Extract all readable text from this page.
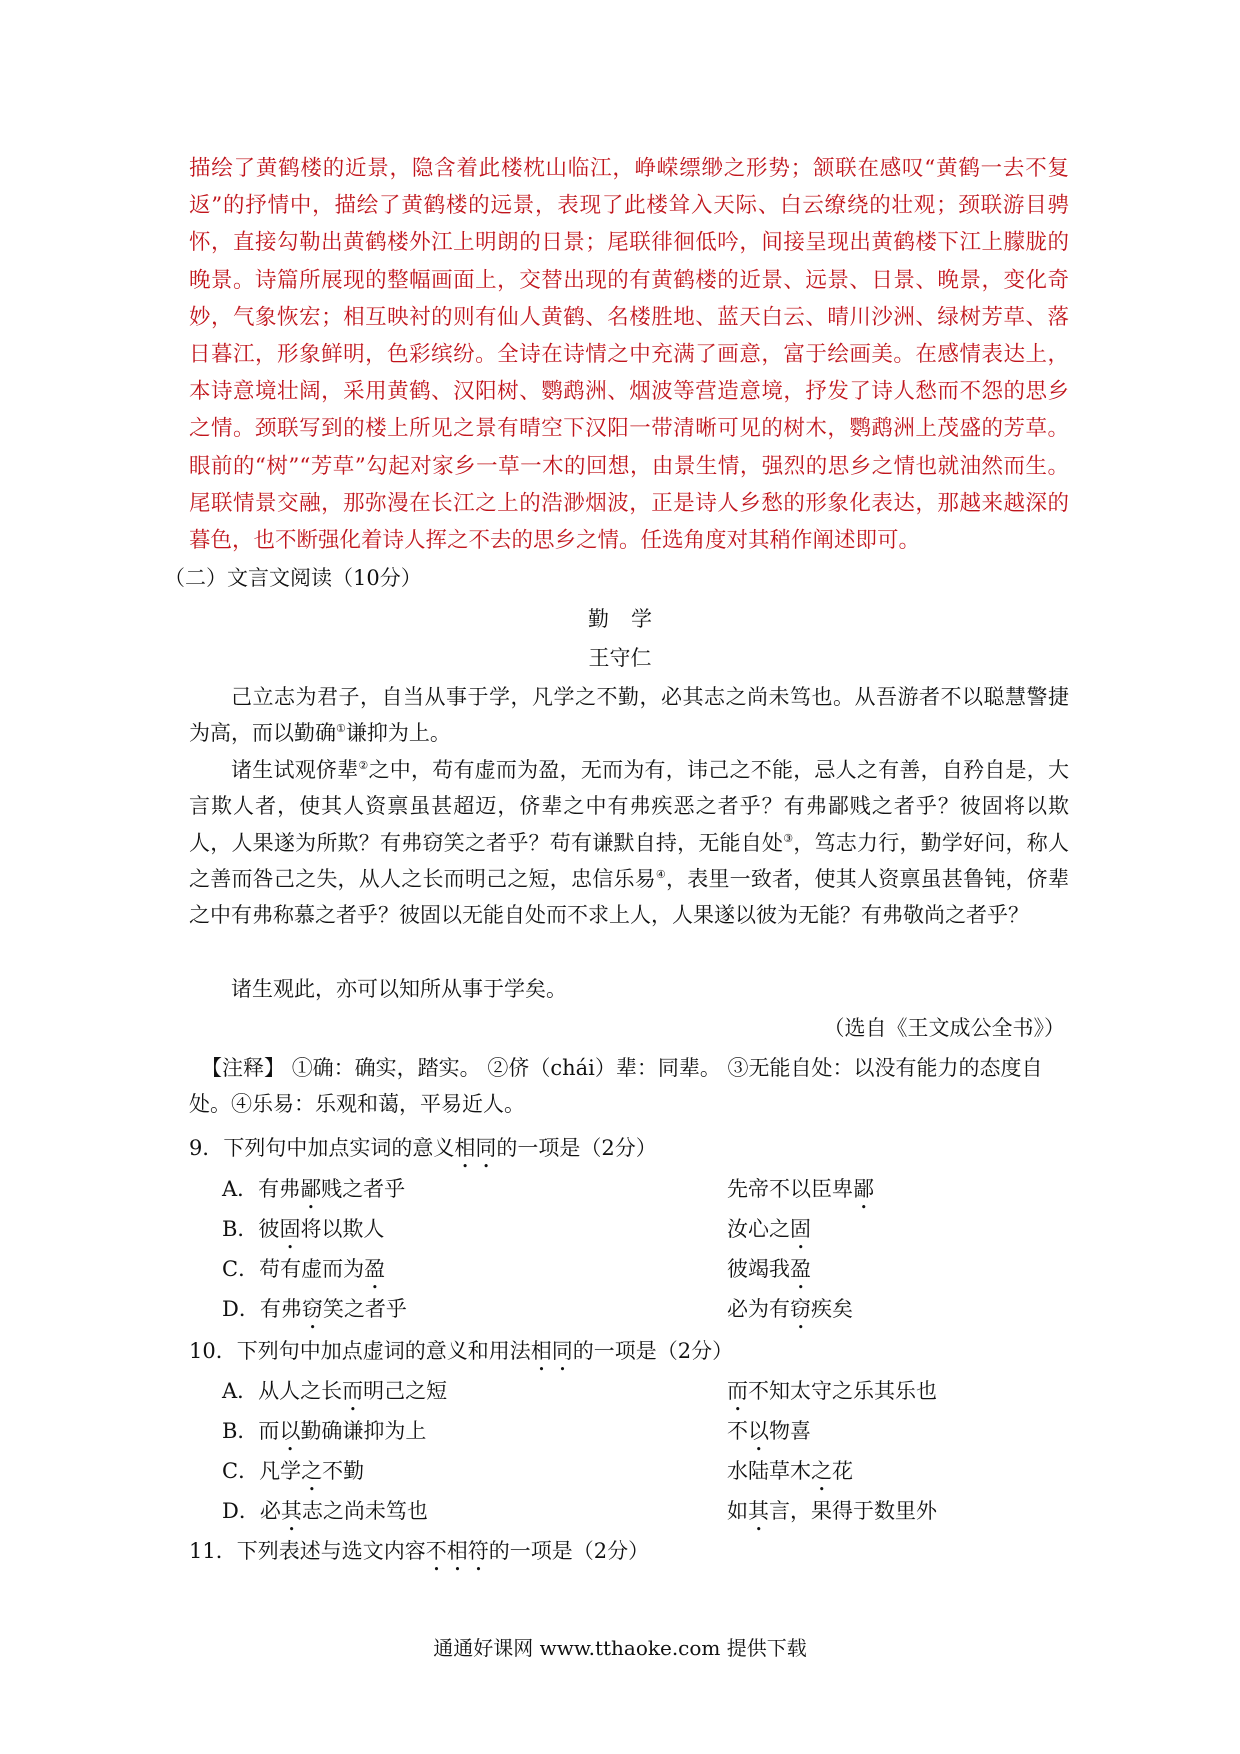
描绘了黄鹤楼的近景，隐含着此楼枕山临江，峥嵘缥缈之形势；颔联在感叹“黄鹤一去不复返”的抒情中，描绘了黄鹤楼的远景，表现了此楼耸入天际、白云缭绕的壮观；颈联游目骋怀，直接勾勒出黄鹤楼外江上明朗的日景；尾联徘徊低吟，间接呈现出黄鹤楼下江上朦胧的晚景。诗篇所展现的整幅画面上，交替出现的有黄鹤楼的近景、远景、日景、晚景，变化奇妙，气象恢宏；相互映衬的则有仙人黄鹤、名楼胜地、蓝天白云、晴川沙洲、绿树芳草、落日暮江，形象鲜明，色彩缤纷。全诗在诗情之中充满了画意，富于绘画美。在感情表达上，本诗意境壮阔，采用黄鹤、汉阳树、鹦鹉洲、烟波等营造意境，抒发了诗人愁而不怨的思乡之情。颈联写到的楼上所见之景有晴空下汉阳一带清晰可见的树木，鹦鹉洲上茂盛的芳草。眼前的“树”“芳草”勾起对家乡一草一木的回想，由景生情，强烈的思乡之情也就油然而生。尾联情景交融，那弥漫在长江之上的浩渺烟波，正是诗人乡愁的形象化表达，那越来越深的暮色，也不断强化着诗人挥之不去的思乡之情。任选角度对其稍作阐述即可。

（二）文言文阅读（10分）

勤学

王守仁

己立志为君子，自当从事于学，凡学之不勤，必其志之尚未笃也。从吾游者不以聪慧警捷为高，而以勤确①谦抑为上。

诸生试观侪辈②之中，苟有虚而为盈，无而为有，讳己之不能，忌人之有善，自矜自是，大言欺人者，使其人资禀虽甚超迈，侪辈之中有弗疾恶之者乎？有弗鄙贱之者乎？彼固将以欺人，人果遂为所欺？有弗窃笑之者乎？苟有谦默自持，无能自处③，笃志力行，勤学好问，称人之善而咎己之失，从人之长而明己之短，忠信乐易④，表里一致者，使其人资禀虽甚鲁钝，侪辈之中有弗称慕之者乎？彼固以无能自处而不求上人，人果遂以彼为无能？有弗敬尚之者乎？

诸生观此，亦可以知所从事于学矣。

（选自《王文成公全书》）

【注释】 ①确：确实，踏实。 ②侪（chái）辈：同辈。 ③无能自处：以没有能力的态度自处。④乐易：乐观和蔼，平易近人。

9．下列句中加点实词的意义相同的一项是（2分）

A．有弗鄙贱之者乎	先帝不以臣卑鄙

B．彼固将以欺人	汝心之固

C．苟有虚而为盈	彼竭我盈

D．有弗窃笑之者乎	必为有窃疾矣

10．下列句中加点虚词的意义和用法相同的一项是（2分）

A．从人之长而明己之短	而不知太守之乐其乐也

B．而以勤确谦抑为上	不以物喜

C．凡学之不勤	水陆草木之花

D．必其志之尚未笃也	如其言，果得于数里外

11．下列表述与选文内容不相符的一项是（2分）

通通好课网 www.tthaoke.com 提供下载
